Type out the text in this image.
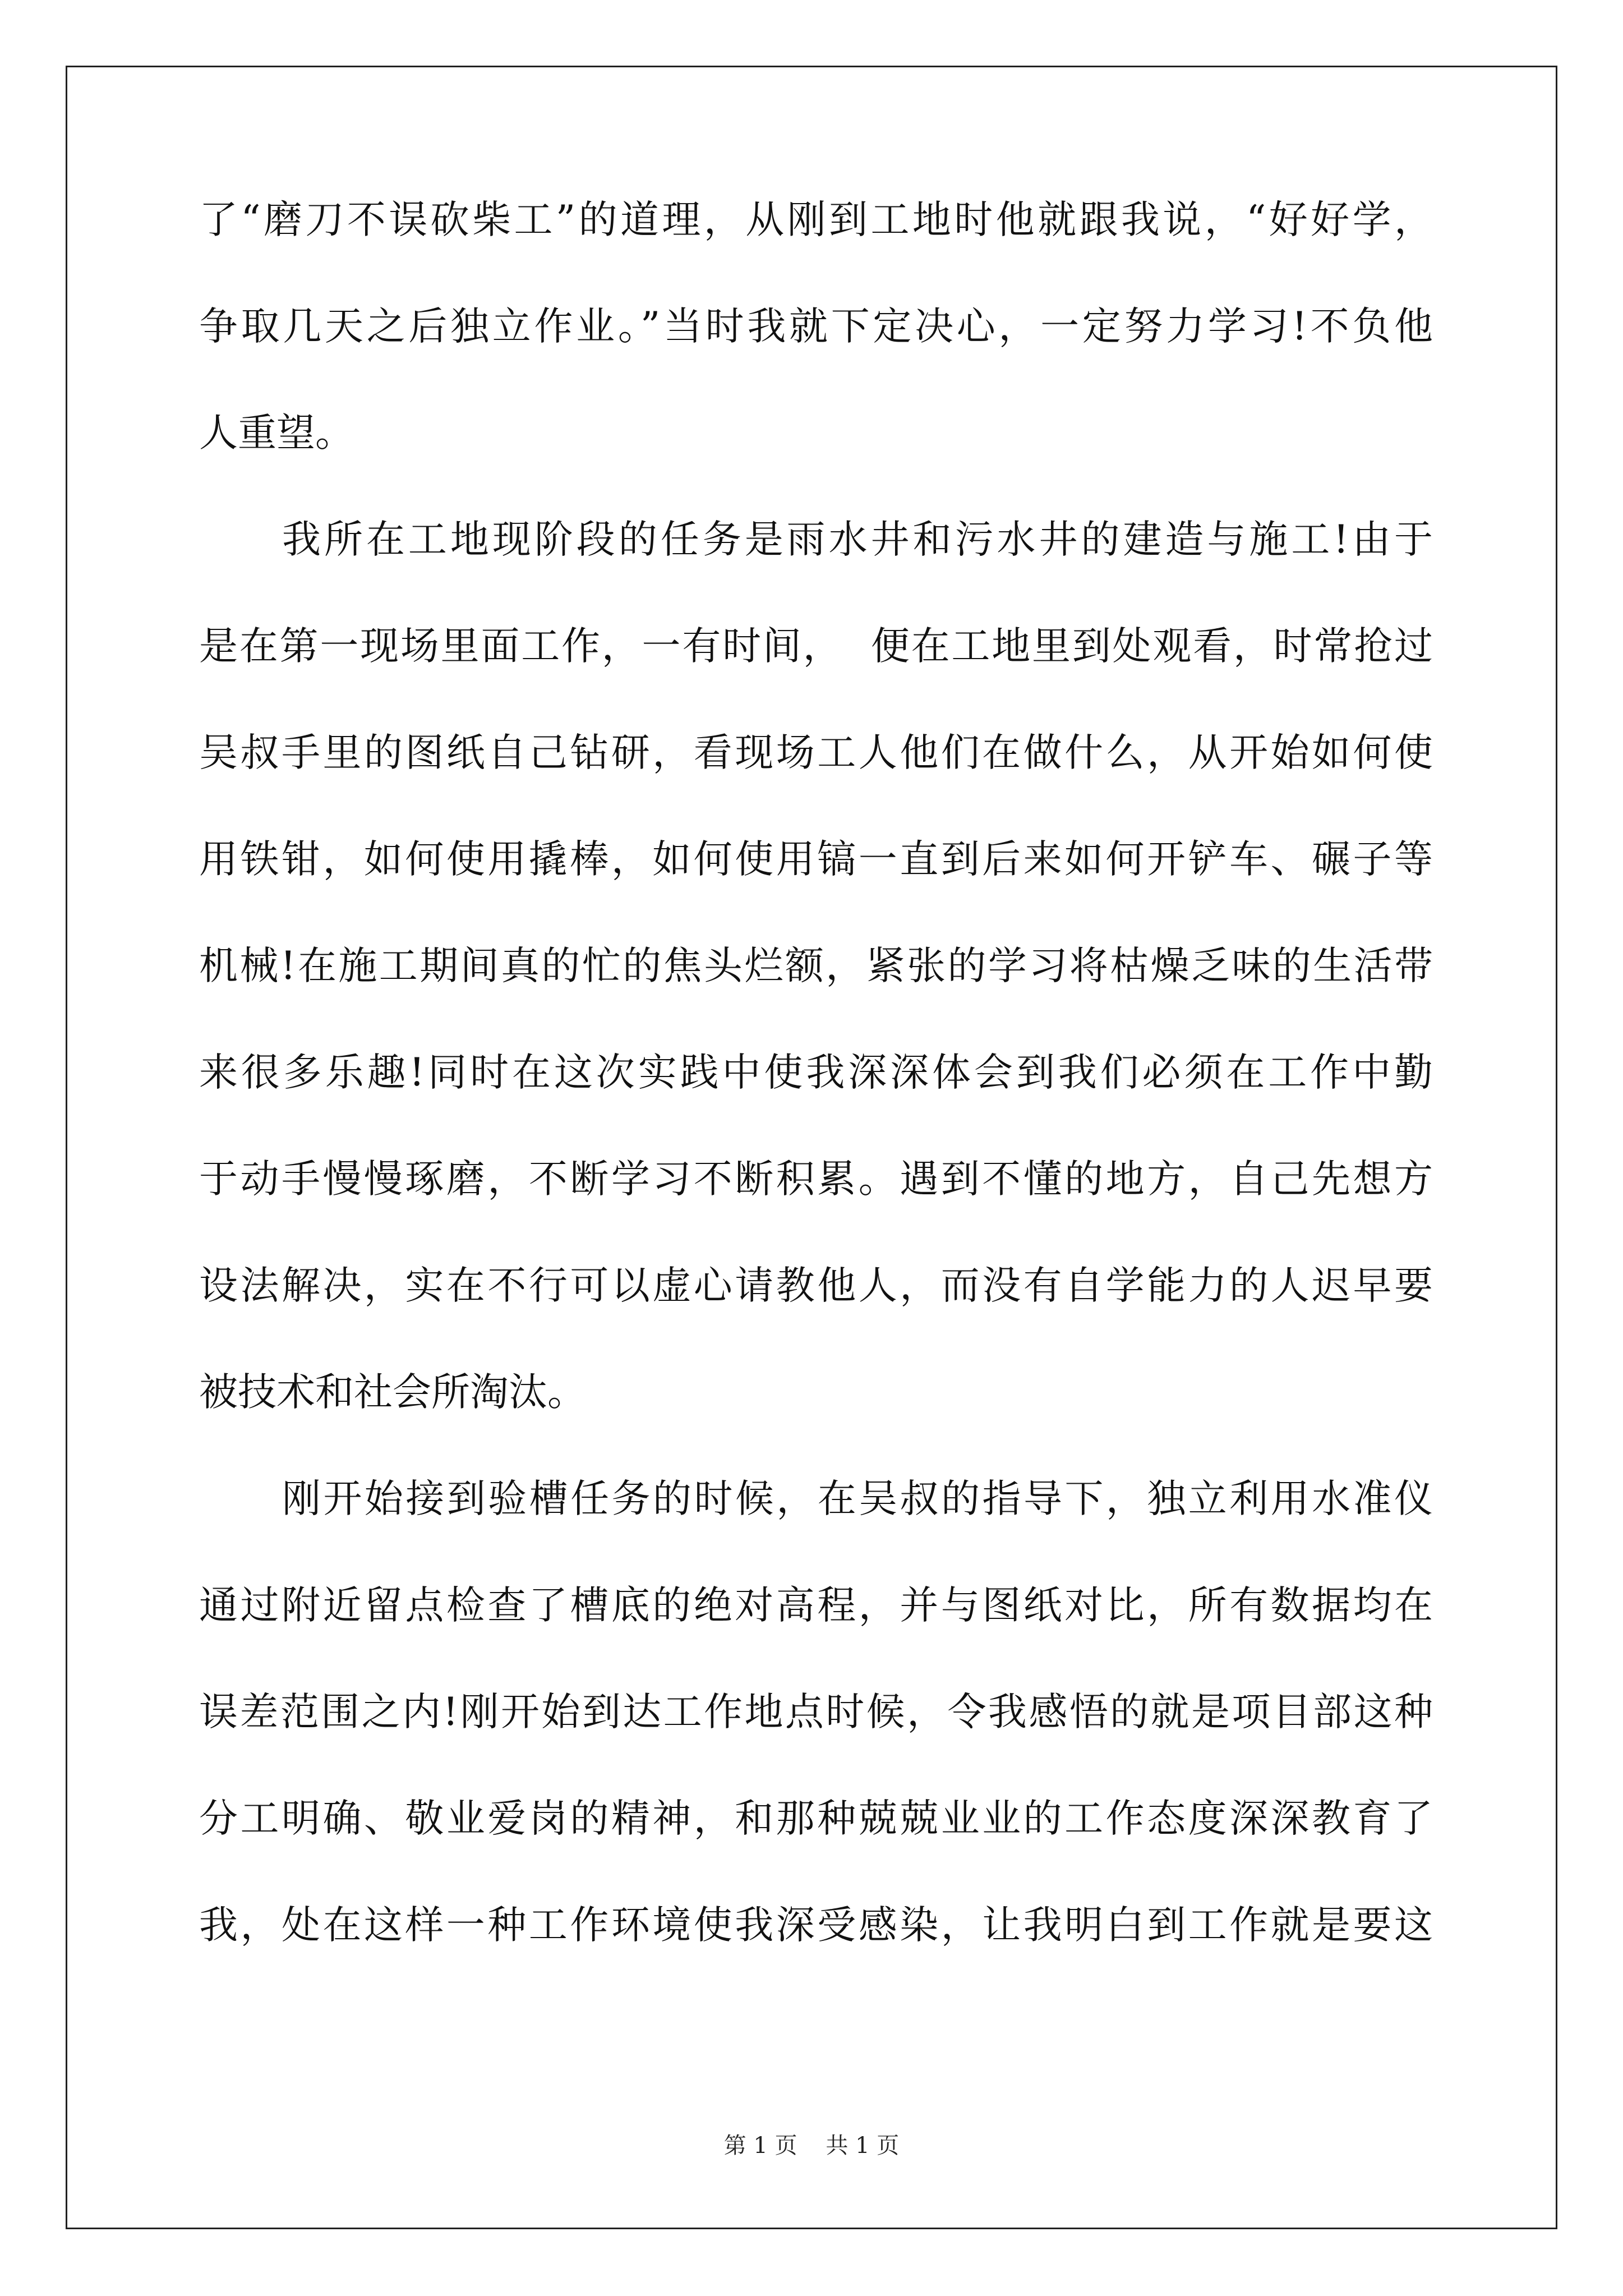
了“磨刀不误砍柴工”的道理，从刚到工地时他就跟我说，“好好学，
争取几天之后独立作业。”当时我就下定决心，一定努力学习!不负他
人重望。
我所在工地现阶段的任务是雨水井和污水井的建造与施工!由于
是在第一现场里面工作，一有时间，  便在工地里到处观看，时常抢过
吴叔手里的图纸自己钻研，看现场工人他们在做什么，从开始如何使
用铁钳，如何使用撬棒，如何使用镐一直到后来如何开铲车、碾子等
机械!在施工期间真的忙的焦头烂额，紧张的学习将枯燥乏味的生活带
来很多乐趣!同时在这次实践中使我深深体会到我们必须在工作中勤
于动手慢慢琢磨，不断学习不断积累。遇到不懂的地方，自己先想方
设法解决，实在不行可以虚心请教他人，而没有自学能力的人迟早要
被技术和社会所淘汰。
刚开始接到验槽任务的时候，在吴叔的指导下，独立利用水准仪
通过附近留点检查了槽底的绝对高程，并与图纸对比，所有数据均在
误差范围之内!刚开始到达工作地点时候，令我感悟的就是项目部这种
分工明确、敬业爱岗的精神，和那种兢兢业业的工作态度深深教育了
我，处在这样一种工作环境使我深受感染，让我明白到工作就是要这
第 1 页    共 1 页
